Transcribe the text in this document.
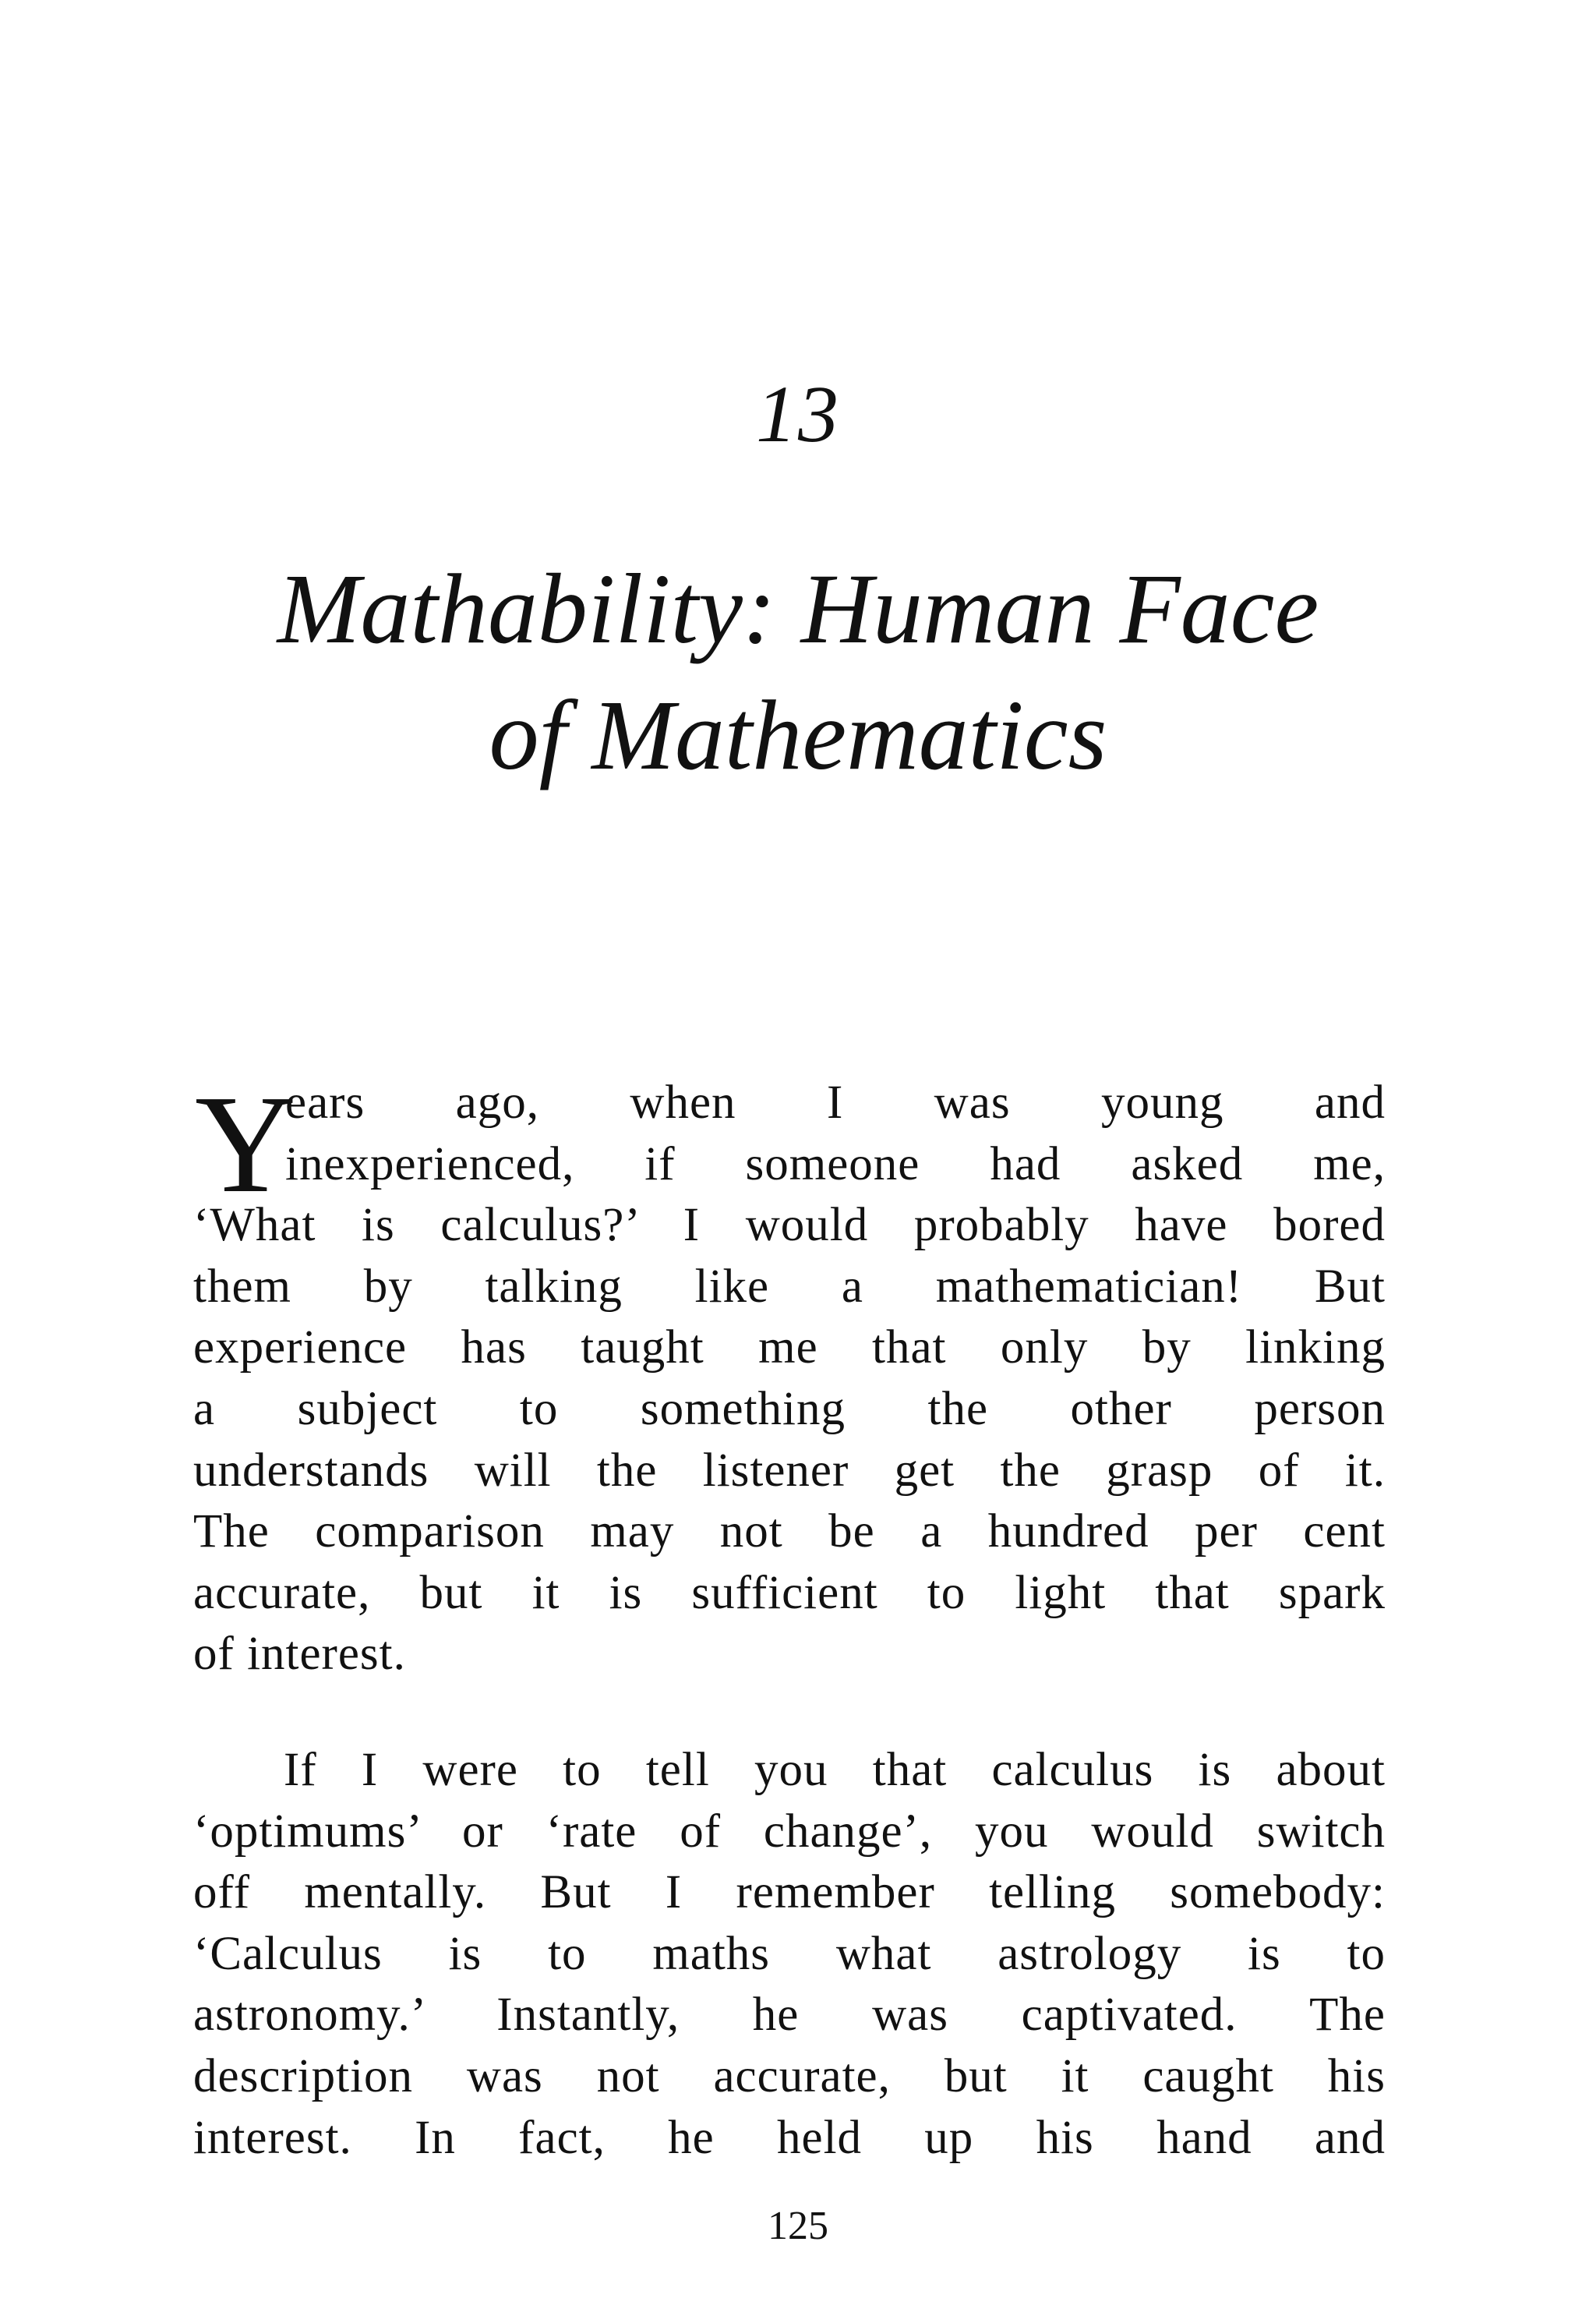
13
Mathability: Human Face
of Mathematics
Y
ears ago, when I was young and
inexperienced, if someone had asked me,
‘What is calculus?’ I would probably have bored
them by talking like a mathematician! But
experience has taught me that only by linking
a subject to something the other person
understands will the listener get the grasp of it.
The comparison may not be a hundred per cent
accurate, but it is sufficient to light that spark
of interest.
If I were to tell you that calculus is about
‘optimums’ or ‘rate of change’, you would switch
off mentally. But I remember telling somebody:
‘Calculus is to maths what astrology is to
astronomy.’ Instantly, he was captivated. The
description was not accurate, but it caught his
interest. In fact, he held up his hand and
125
